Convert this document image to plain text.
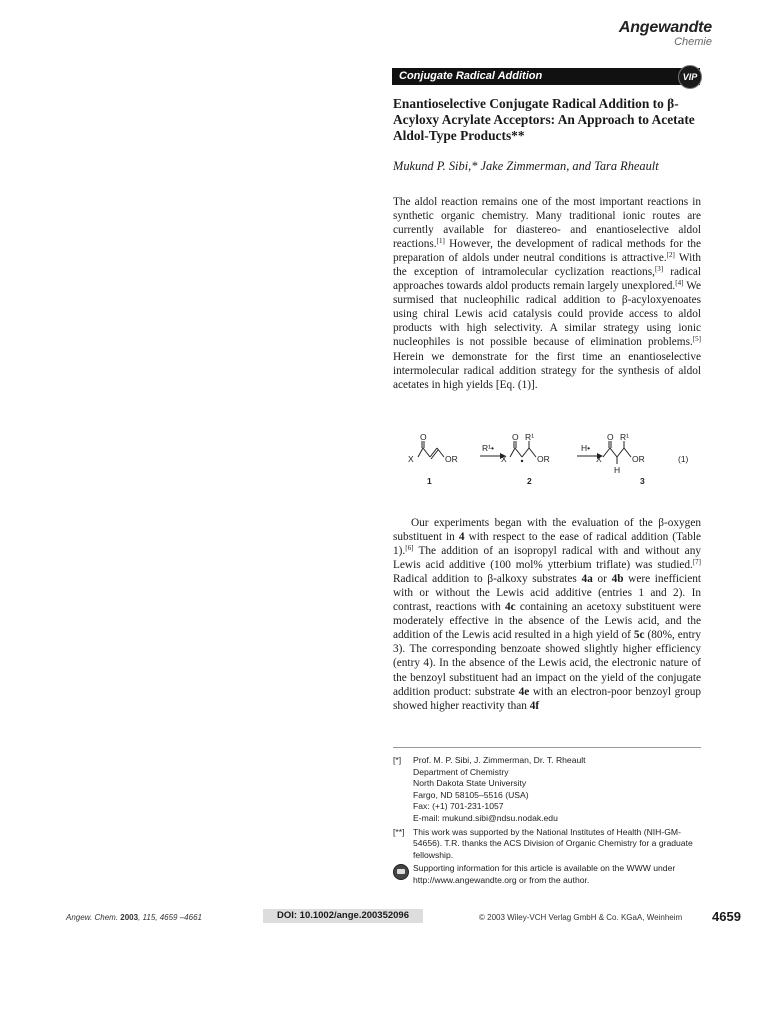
Angewandte
Chemie
Conjugate Radical Addition	VIP
Enantioselective Conjugate Radical Addition to β-Acyloxy Acrylate Acceptors: An Approach to Acetate Aldol-Type Products**

Mukund P. Sibi,* Jake Zimmerman, and Tara Rheault

The aldol reaction remains one of the most important reactions in synthetic organic chemistry. Many traditional ionic routes are currently available for diastereo- and enantioselective aldol reactions.[1] However, the development of radical methods for the preparation of aldols under neutral conditions is attractive.[2] With the exception of intramolecular cyclization reactions,[3] radical approaches towards aldol products remain largely unexplored.[4] We surmised that nucleophilic radical addition to β-acyloxyenoates using chiral Lewis acid catalysis could provide access to aldol products with high selectivity. A similar strategy using ionic nucleophiles is not possible because of elimination problems.[5] Herein we demonstrate for the first time an enantioselective intermolecular radical addition strategy for the synthesis of aldol acetates in high yields [Eq. (1)].

O
X	OR
R¹•
O
X
R¹
OR
H•
O
X
R¹
OR
H
(1)
1	2	3

Our experiments began with the evaluation of the β-oxygen substituent in 4 with respect to the ease of radical addition (Table 1).[6] The addition of an isopropyl radical with and without any Lewis acid additive (100 mol% ytterbium triflate) was studied.[7] Radical addition to β-alkoxy substrates 4a or 4b were inefficient with or without the Lewis acid additive (entries 1 and 2). In contrast, reactions with 4c containing an acetoxy substituent were moderately effective in the absence of the Lewis acid, and the addition of the Lewis acid resulted in a high yield of 5c (80%, entry 3). The corresponding benzoate showed slightly higher efficiency (entry 4). In the absence of the Lewis acid, the electronic nature of the benzoyl substituent had an impact on the yield of the conjugate addition product: substrate 4e with an electron-poor benzoyl group showed higher reactivity than 4f

[*]	Prof. M. P. Sibi, J. Zimmerman, Dr. T. Rheault
Department of Chemistry
North Dakota State University
Fargo, ND 58105–5516 (USA)
Fax: (+1) 701-231-1057
E-mail: mukund.sibi@ndsu.nodak.edu
[**] This work was supported by the National Institutes of Health (NIH-GM-54656). T.R. thanks the ACS Division of Organic Chemistry for a graduate fellowship.
Supporting information for this article is available on the WWW under http://www.angewandte.org or from the author.
Angew. Chem. 2003, 115, 4659 –4661	DOI: 10.1002/ange.200352096	© 2003 Wiley-VCH Verlag GmbH & Co. KGaA, Weinheim 4659
